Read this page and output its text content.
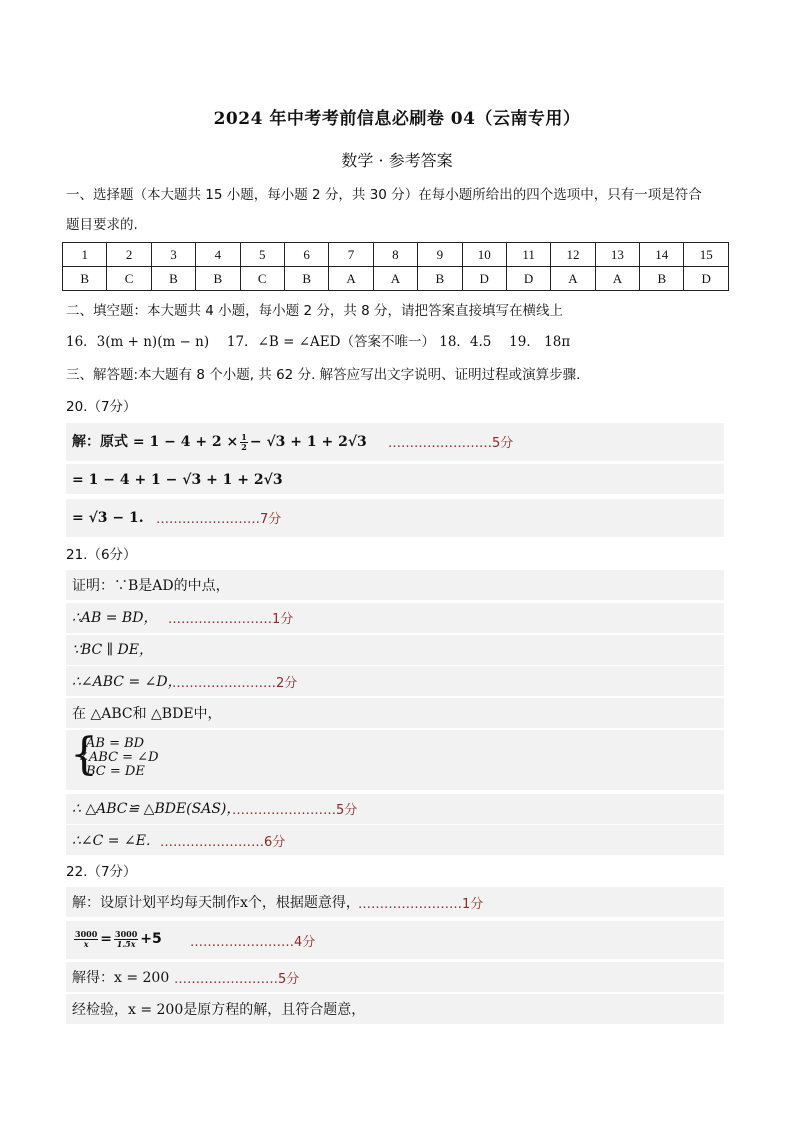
2024 年中考考前信息必刷卷 04（云南专用）
数学 · 参考答案
一、选择题（本大题共 15 小题，每小题 2 分，共 30 分）在每小题所给出的四个选项中，只有一项是符合
题目要求的.
1	2	3	4	5	6	7	8	9	10	11	12	13	14	15
B	C	B	B	C	B	A	A	B	D	D	A	A	B	D
二、填空题：本大题共 4 小题，每小题 2 分，共 8 分，请把答案直接填写在横线上
16．3(m + n)(m − n)　 17．∠B = ∠AED（答案不唯一） 18．4.5　 19． 18π
三、解答题:本大题有 8 个小题, 共 62 分. 解答应写出文字说明、证明过程或演算步骤.
20.（7分）
解：原式 = $1 - 4 + 2 \times \frac{1}{2} - √3 + 1 + 2√3$ ……………………5分
= 1 − 4 + 1 − √3 + 1 + 2√3
= √3 − 1. ……………………7分
21.（6分）
证明：∵B是AD的中点，
∴AB = BD， ……………………1分
∵BC ∥ DE，
∴∠ABC = ∠D，
……………………2分
在 △ABC和 △BDE中，
{
AB = BD
∠ABC = ∠D
BC = DE
∴ △ABC≌ △BDE(SAS)，
……………………5分
∴∠C = ∠E． ……………………6分
22.（7分）
解：设原计划平均每天制作x个，根据题意得，
……………………1分
$\frac{3000}{x} = \frac{3000}{1.5x} +5$ ……………………4分
解得：x = 200 ……………………5分
经检验，x = 200是原方程的解，且符合题意，
